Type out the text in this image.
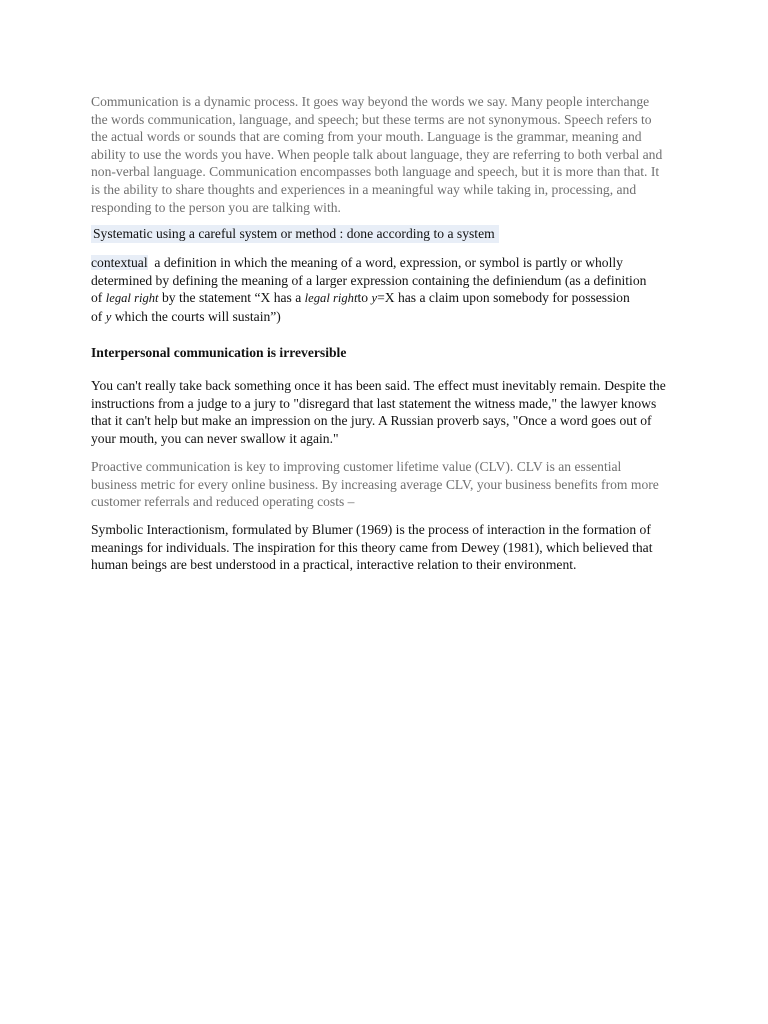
Communication is a dynamic process. It goes way beyond the words we say. Many people interchange
the words communication, language, and speech; but these terms are not synonymous. Speech refers to
the actual words or sounds that are coming from your mouth. Language is the grammar, meaning and
ability to use the words you have. When people talk about language, they are referring to both verbal and
non-verbal language. Communication encompasses both language and speech, but it is more than that. It
is the ability to share thoughts and experiences in a meaningful way while taking in, processing, and
responding to the person you are talking with.

Systematic using a careful system or method : done according to a system

contextual a definition in which the meaning of a word, expression, or symbol is partly or wholly
determined by defining the meaning of a larger expression containing the definiendum (as a definition
of legal right by the statement “X has a legal rightto y=X has a claim upon somebody for possession
of y which the courts will sustain”)

Interpersonal communication is irreversible

You can't really take back something once it has been said. The effect must inevitably remain. Despite the
instructions from a judge to a jury to "disregard that last statement the witness made," the lawyer knows
that it can't help but make an impression on the jury. A Russian proverb says, "Once a word goes out of
your mouth, you can never swallow it again."

Proactive communication is key to improving customer lifetime value (CLV). CLV is an essential
business metric for every online business. By increasing average CLV, your business benefits from more
customer referrals and reduced operating costs –

Symbolic Interactionism, formulated by Blumer (1969) is the process of interaction in the formation of
meanings for individuals. The inspiration for this theory came from Dewey (1981), which believed that
human beings are best understood in a practical, interactive relation to their environment.
